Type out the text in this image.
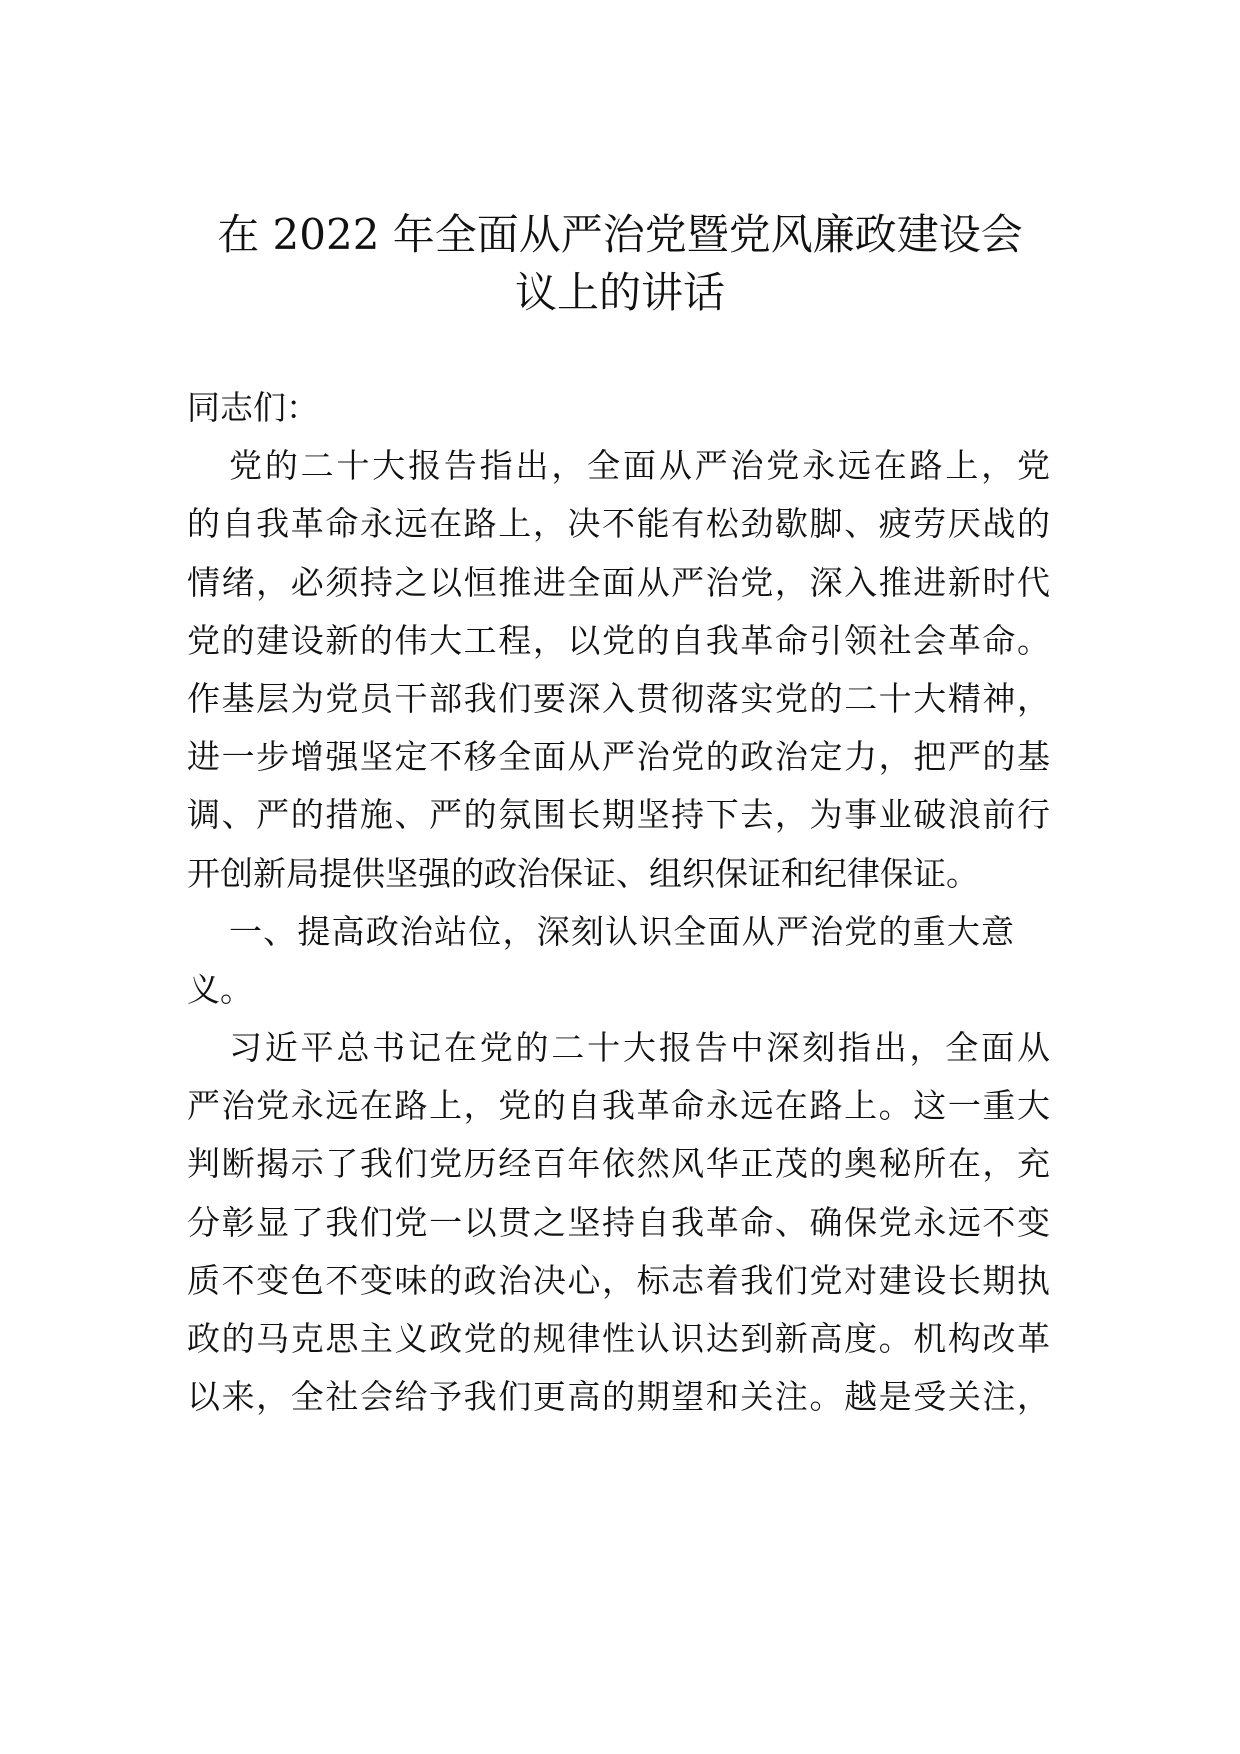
在 2022 年全面从严治党暨党风廉政建设会
议上的讲话
同志们：
党的二十大报告指出，全面从严治党永远在路上，党
的自我革命永远在路上，决不能有松劲歇脚、疲劳厌战的
情绪，必须持之以恒推进全面从严治党，深入推进新时代
党的建设新的伟大工程，以党的自我革命引领社会革命。
作基层为党员干部我们要深入贯彻落实党的二十大精神，
进一步增强坚定不移全面从严治党的政治定力，把严的基
调、严的措施、严的氛围长期坚持下去，为事业破浪前行
开创新局提供坚强的政治保证、组织保证和纪律保证。
一、提高政治站位，深刻认识全面从严治党的重大意
义。
习近平总书记在党的二十大报告中深刻指出，全面从
严治党永远在路上，党的自我革命永远在路上。这一重大
判断揭示了我们党历经百年依然风华正茂的奥秘所在，充
分彰显了我们党一以贯之坚持自我革命、确保党永远不变
质不变色不变味的政治决心，标志着我们党对建设长期执
政的马克思主义政党的规律性认识达到新高度。机构改革
以来，全社会给予我们更高的期望和关注。越是受关注，
